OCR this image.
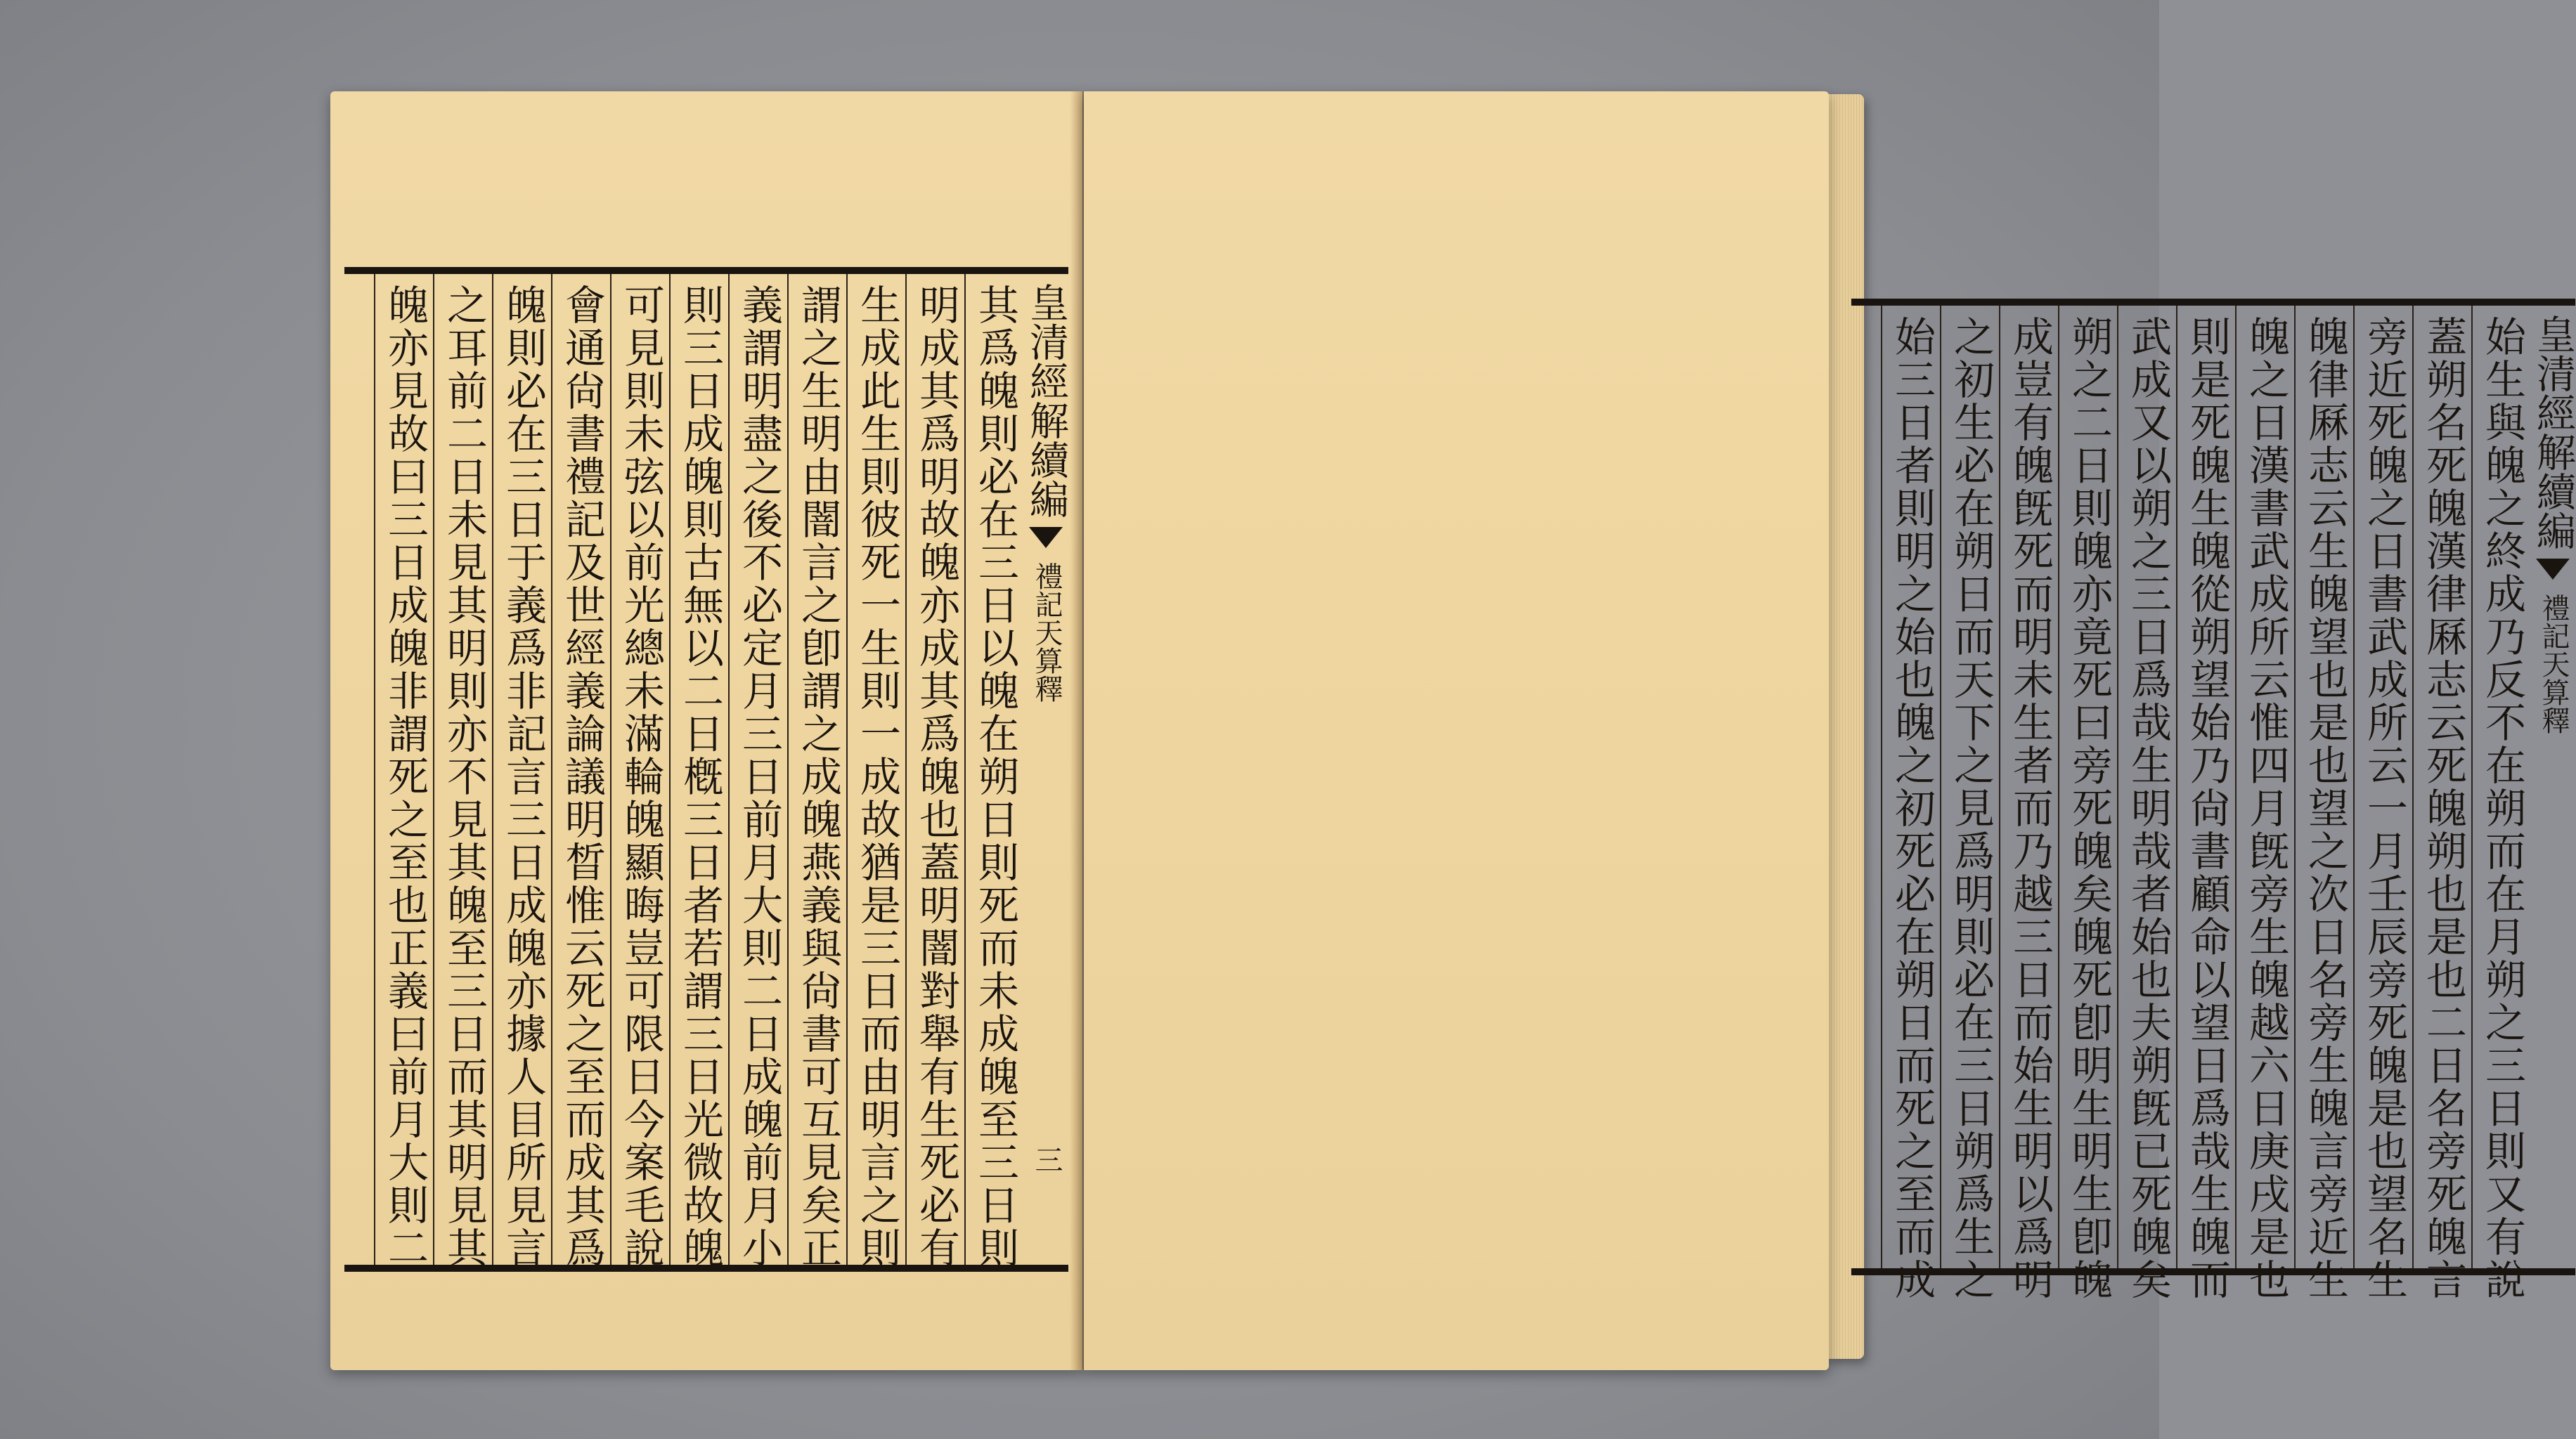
皇清經解續編
禮記天算釋
三
其爲魄則必在三日以魄在朔日則死而未成魄至三日則
明成其爲明故魄亦成其爲魄也蓋明闇對舉有生死必有
生成此生則彼死一生則一成故猶是三日而由明言之則
謂之生明由闇言之卽謂之成魄燕義與尙書可互見矣正
義謂明盡之後不必定月三日前月大則二日成魄前月小
則三日成魄則古無以二日槪三日者若謂三日光微故魄
可見則未弦以前光總未滿輪魄顯晦豈可限日今案毛說
會通尙書禮記及世經義論議明晳惟云死之至而成其爲
魄則必在三日于義爲非記言三日成魄亦據人目所見言
之耳前二日未見其明則亦不見其魄至三日而其明見其
魄亦見故曰三日成魄非謂死之至也正義曰前月大則二	始生與魄之終成乃反不在朔而在月朔之三日則又有說
蓋朔名死魄漢律厤志云死魄朔也是也二日名旁死魄言
旁近死魄之日書武成所云一月壬辰旁死魄是也望名生
魄律厤志云生魄望也是也望之次日名旁生魄言旁近生
魄之日漢書武成所云惟四月旣旁生魄越六日庚戌是也
則是死魄生魄從朔望始乃尙書顧命以望日爲哉生魄而
武成又以朔之三日爲哉生明哉者始也夫朔旣已死魄矣
朔之二日則魄亦竟死曰旁死魄矣魄死卽明生明生卽魄
成豈有魄旣死而明未生者而乃越三日而始生明以爲明
之初生必在朔日而天下之見爲明則必在三日朔爲生之
始三日者則明之始也魄之初死必在朔日而死之至而成	皇清經解續編
禮記天算釋
